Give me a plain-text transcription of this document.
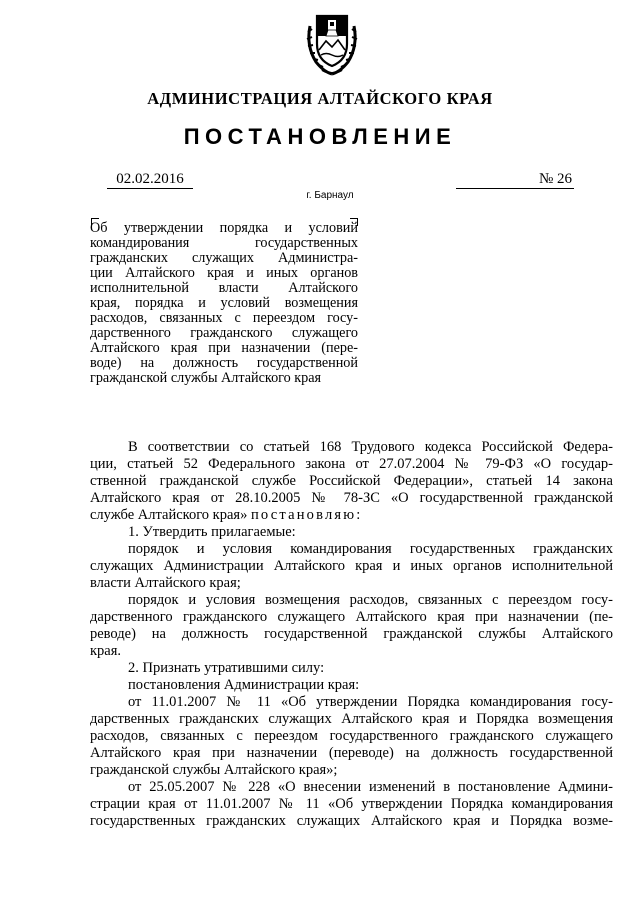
АДМИНИСТРАЦИЯ АЛТАЙСКОГО КРАЯ
ПОСТАНОВЛЕНИЕ
02.02.2016	№ 26
г. Барнаул
Об утверждении порядка и условий
командирования государственных
гражданских служащих Администра-
ции Алтайского края и иных органов
исполнительной власти Алтайского
края, порядка и условий возмещения
расходов, связанных с переездом госу-
дарственного гражданского служащего
Алтайского края при назначении (пере-
воде) на должность государственной
гражданской службы Алтайского края
В соответствии со статьей 168 Трудового кодекса Российской Федера-
ции, статьей 52 Федерального закона от 27.07.2004 № 79-ФЗ «О государ-
ственной гражданской службе Российской Федерации», статьей 14 закона
Алтайского края от 28.10.2005 № 78-ЗС «О государственной гражданской
службе Алтайского края» постановляю:
1. Утвердить прилагаемые:
порядок и условия командирования государственных гражданских
служащих Администрации Алтайского края и иных органов исполнительной
власти Алтайского края;
порядок и условия возмещения расходов, связанных с переездом госу-
дарственного гражданского служащего Алтайского края при назначении (пе-
реводе) на должность государственной гражданской службы Алтайского
края.
2. Признать утратившими силу:
постановления Администрации края:
от 11.01.2007 № 11 «Об утверждении Порядка командирования госу-
дарственных гражданских служащих Алтайского края и Порядка возмещения
расходов, связанных с переездом государственного гражданского служащего
Алтайского края при назначении (переводе) на должность государственной
гражданской службы Алтайского края»;
от 25.05.2007 № 228 «О внесении изменений в постановление Админи-
страции края от 11.01.2007 № 11 «Об утверждении Порядка командирования
государственных гражданских служащих Алтайского края и Порядка возме-
